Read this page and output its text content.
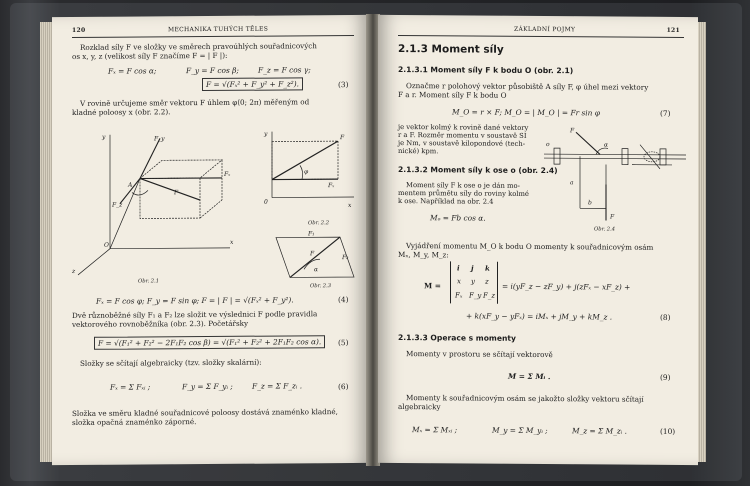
120	MECHANIKA TUHÝCH TĚLES
Rozklad síly F ve složky ve směrech pravoúhlých souřadnicových
os x, y, z (velikost síly F značíme F = | F |):
Fₓ = F cos α;	F_y = F cos β;	F_z = F cos γ;
F = √(Fₓ² + F_y² + F_z²).	(3)
V rovině určujeme směr vektoru F úhlem φ⟨0; 2π) měřeným od
kladné poloosy x (obr. 2.2).
y
z
x
F_y
Fₓ
F_z
A
F
O
Obr. 2.1
y
x
0
F
Fₓ
φ
Obr. 2.2
F₁
F
F₂
α
Obr. 2.3
Fₓ = F cos φ; F_y = F sin φ; F = | F | = √(Fₓ² + F_y²).	(4)
Dvě různoběžné síly F₁ a F₂ lze složit ve výslednici F podle pravidla
vektorového rovnoběžníka (obr. 2.3). Početářsky
F = √(F₁² + F₂² − 2F₁F₂ cos β) = √(F₁² + F₂² + 2F₁F₂ cos α).	(5)
Složky se sčítají algebraicky (tzv. složky skalární):
Fₓ = Σ Fₓᵢ ;	F_y = Σ F_yᵢ ;	F_z = Σ F_zᵢ .	(6)
Složka ve směru kladné souřadnicové poloosy dostává znaménko kladné,
složka opačná znaménko záporné.
ZÁKLADNÍ POJMY	121
2.1.3 Moment síly
2.1.3.1 Moment síly F k bodu O (obr. 2.1)
Označme r polohový vektor působiště A síly F, φ úhel mezi vektory
F a r. Moment síly F k bodu O
M_O = r × F; M_O = | M_O | = Fr sin φ	(7)
je vektor kolmý k rovině dané vektory
r a F. Rozměr momentu v soustavě SI
je Nm, v soustavě kilopondové (tech-
nické) kpm.
2.1.3.2 Moment síly k ose o (obr. 2.4)
Moment síly F k ose o je dán mo-
mentem průmětu síly do roviny kolmé
k ose. Například na obr. 2.4
Mₒ = Fb cos α.
F
α
a
b
F
o
Obr. 2.4
Vyjádření momentu M_O k bodu O momenty k souřadnicovým osám
Mₓ, M_y, M_z:
M =
i j k
x y z
Fₓ F_y F_z
= i(yF_z − zF_y) + j(zFₓ − xF_z) +
+ k(xF_y − yFₓ) = iMₓ + jM_y + kM_z .	(8)
2.1.3.3 Operace s momenty
Momenty v prostoru se sčítají vektorově
M = Σ Mᵢ .	(9)
Momenty k souřadnicovým osám se jakožto složky vektoru sčítají
algebraicky
Mₓ = Σ Mₓᵢ ;	M_y = Σ M_yᵢ ;	M_z = Σ M_zᵢ .	(10)
